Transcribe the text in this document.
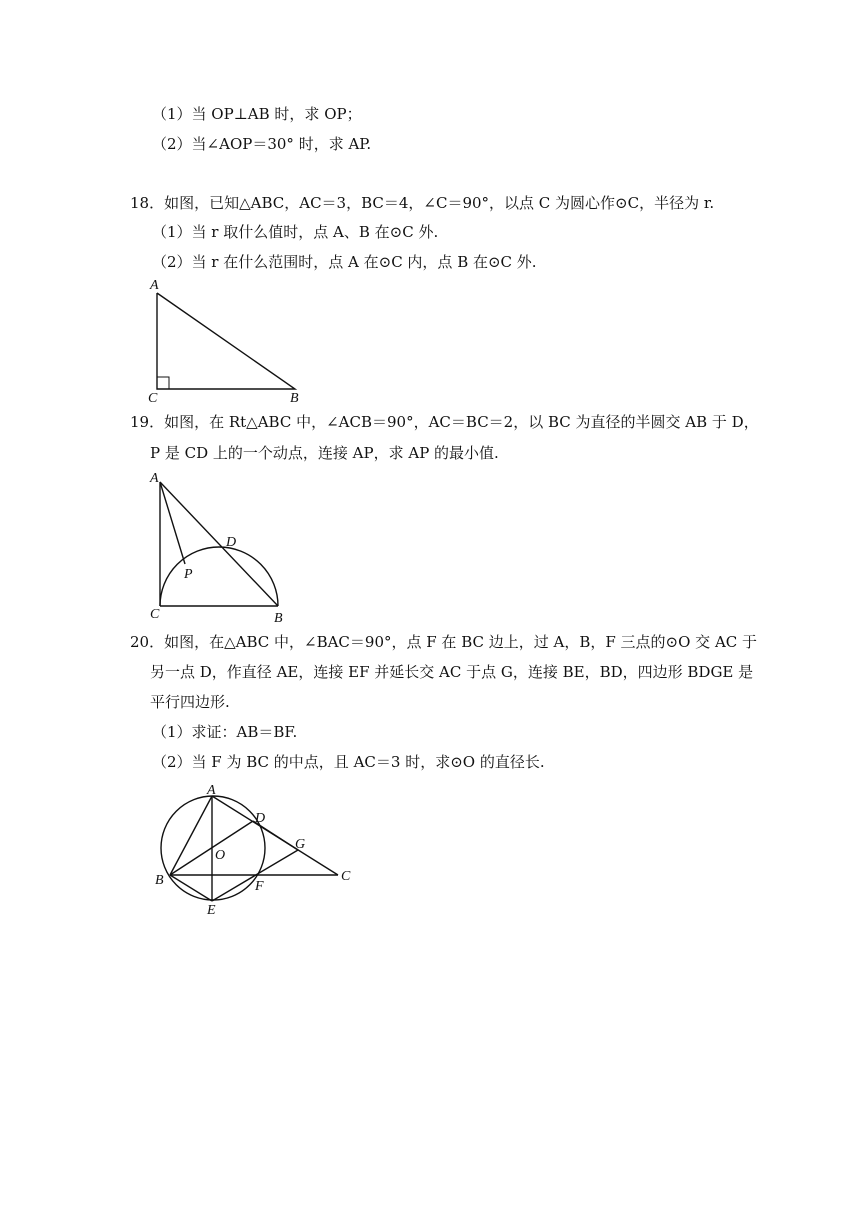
（1）当 OP⊥AB 时，求 OP；
（2）当∠AOP＝30° 时，求 AP.
18．如图，已知△ABC，AC＝3，BC＝4，∠C＝90°，以点 C 为圆心作⊙C，半径为 r.
（1）当 r 取什么值时，点 A、B 在⊙C 外.
（2）当 r 在什么范围时，点 A 在⊙C 内，点 B 在⊙C 外.
A
C	B
19．如图，在 Rt△ABC 中，∠ACB＝90°，AC＝BC＝2，以 BC 为直径的半圆交 AB 于 D，
P 是 CD 上的一个动点，连接 AP，求 AP 的最小值.
A
D
P
C	B
20．如图，在△ABC 中，∠BAC＝90°，点 F 在 BC 边上，过 A，B，F 三点的⊙O 交 AC 于
另一点 D，作直径 AE，连接 EF 并延长交 AC 于点 G，连接 BE，BD，四边形 BDGE 是
平行四边形.
（1）求证：AB＝BF.
（2）当 F 为 BC 的中点，且 AC＝3 时，求⊙O 的直径长.
A
D
O
G
C
B	F
E
